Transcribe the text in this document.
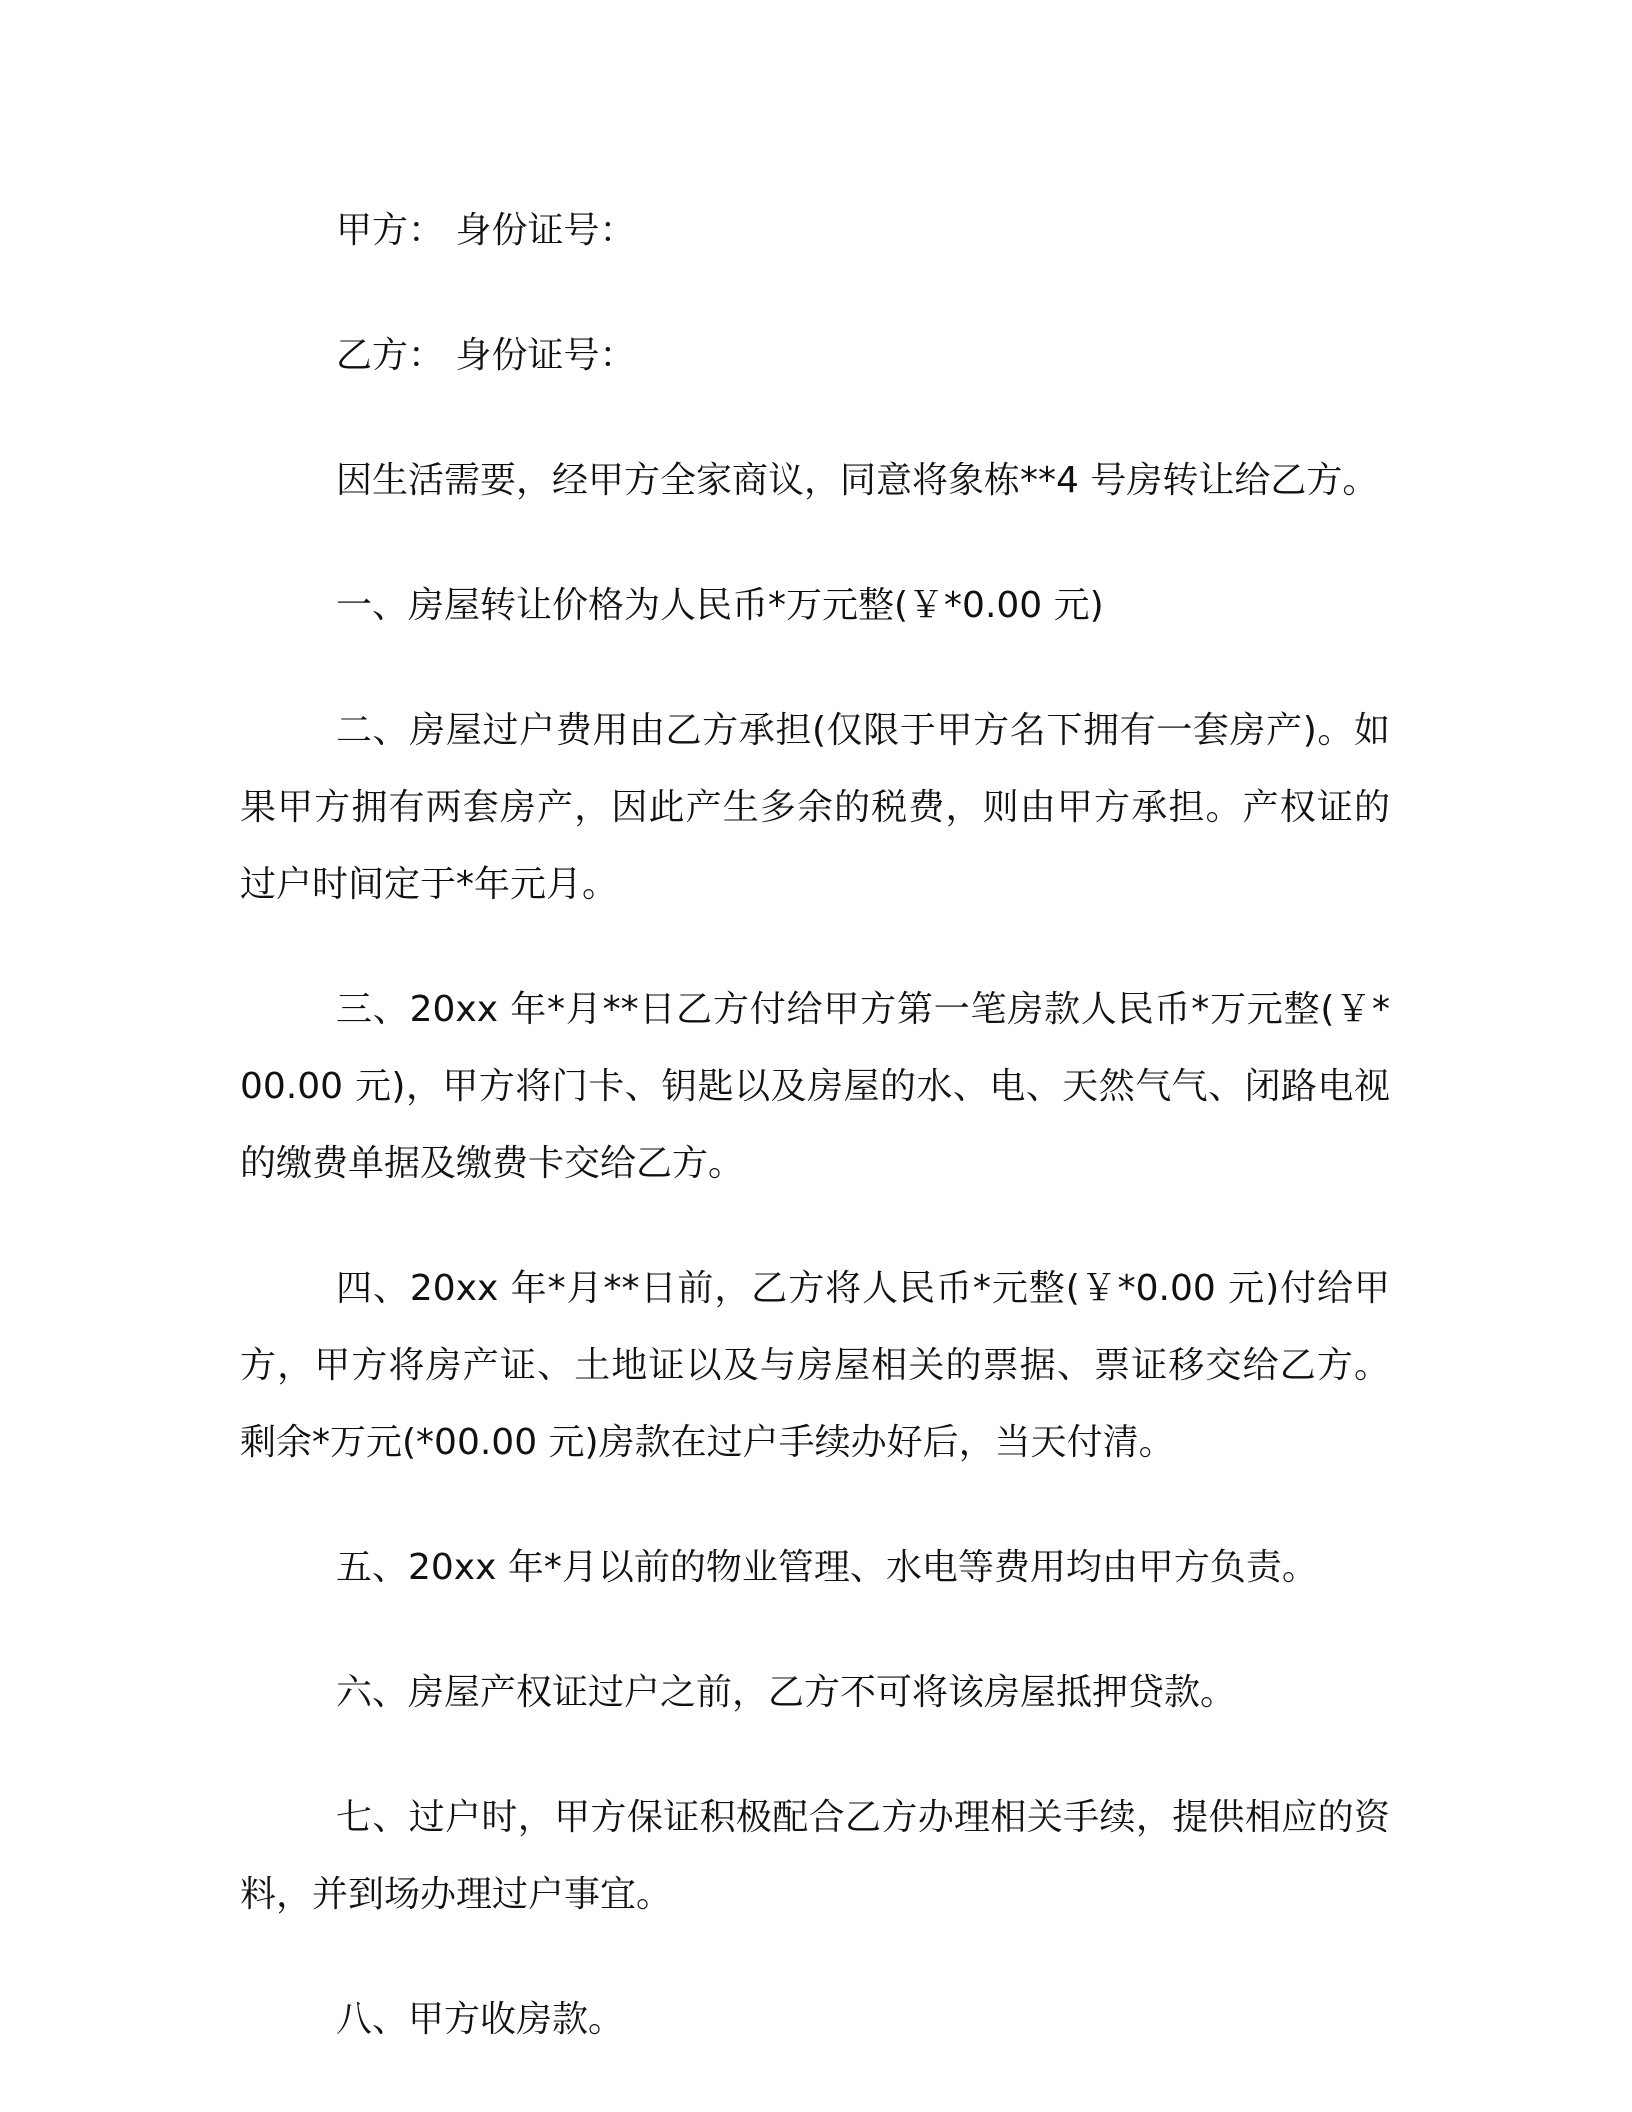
甲方： 身份证号：

乙方： 身份证号：

因生活需要，经甲方全家商议，同意将象栋**4 号房转让给乙方。

一、房屋转让价格为人民币*万元整(￥*0.00 元)

二、房屋过户费用由乙方承担(仅限于甲方名下拥有一套房产)。如果甲方拥有两套房产，因此产生多余的税费，则由甲方承担。产权证的过户时间定于*年元月。

三、20xx 年*月**日乙方付给甲方第一笔房款人民币*万元整(￥*00.00 元)，甲方将门卡、钥匙以及房屋的水、电、天然气气、闭路电视的缴费单据及缴费卡交给乙方。

四、20xx 年*月**日前，乙方将人民币*元整(￥*0.00 元)付给甲方，甲方将房产证、土地证以及与房屋相关的票据、票证移交给乙方。剩余*万元(*00.00 元)房款在过户手续办好后，当天付清。

五、20xx 年*月以前的物业管理、水电等费用均由甲方负责。

六、房屋产权证过户之前，乙方不可将该房屋抵押贷款。

七、过户时，甲方保证积极配合乙方办理相关手续，提供相应的资料，并到场办理过户事宜。

八、甲方收房款。
